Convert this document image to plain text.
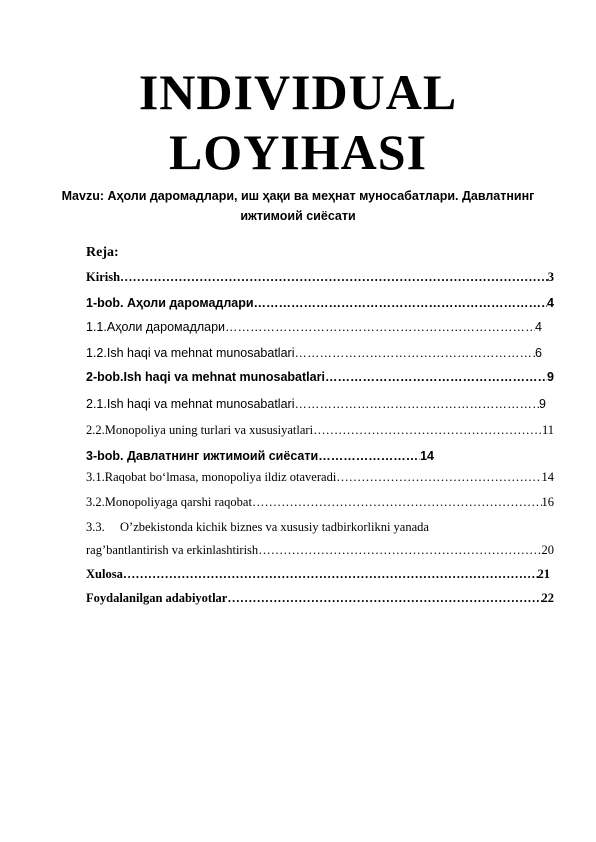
INDIVIDUAL
LOYIHASI
Mavzu: Аҳоли даромадлари, иш ҳақи ва меҳнат муносабатлари. Давлатнинг
ижтимоий сиёсати
Reja:
Kirish ………………………………………………………………………………………………………………………………………………………………	3
1-bob. Аҳоли даромадлари ………………………………………………………………………………………………………………………………………………………………	4
1.1. Аҳоли даромадлари ………………………………………………………………………………………………………………………………………………………………	4
1.2. Ish haqi va mehnat munosabatlari ………………………………………………………………………………………………………………………………………………………………	6
2-bob.Ish haqi va mehnat munosabatlari ………………………………………………………………………………………………………………………………………………………………	9
2.1. Ish haqi va mehnat munosabatlari ………………………………………………………………………………………………………………………………………………………………	9
2.2. Monopoliya uning turlari va xususiyatlari ………………………………………………………………………………………………………………………………………………………………	11
3-bob. Давлатнинг ижтимоий сиёсати ………………………………………………………………………………………………………………………………………………………………	14
3.1. Raqobat bo‘lmasa, monopoliya ildiz otaveradi ………………………………………………………………………………………………………………………………………………………………	14
3.2. Monopoliyaga qarshi raqobat ………………………………………………………………………………………………………………………………………………………………	16
3.3. O’zbekistonda kichik biznes va xususiy tadbirkorlikni yanada
rag’bantlantirish va erkinlashtirish ………………………………………………………………………………………………………………………………………………………………	20
Xulosa ………………………………………………………………………………………………………………………………………………………………	21
Foydalanilgan adabiyotlar ………………………………………………………………………………………………………………………………………………………………	22
